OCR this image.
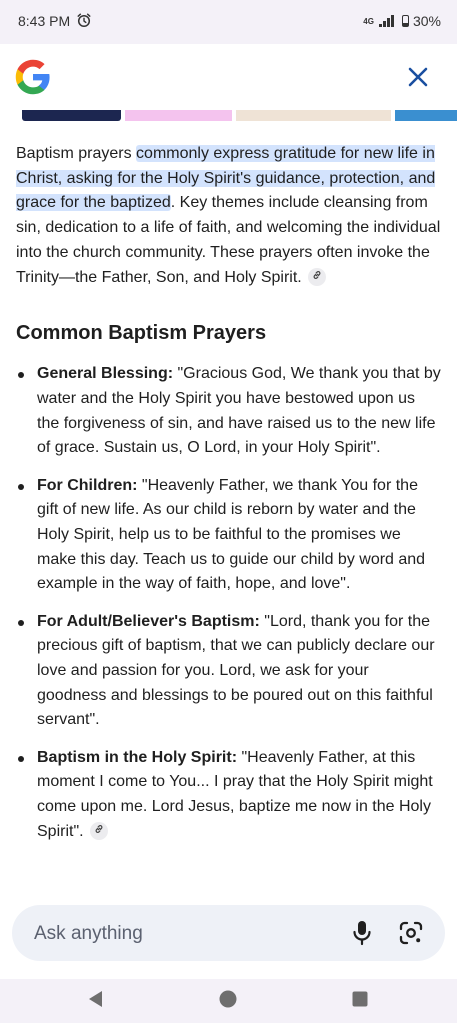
8:43 PM	4G	30%

Baptism prayers commonly express gratitude for new life in Christ, asking for the Holy Spirit's guidance, protection, and grace for the baptized. Key themes include cleansing from sin, dedication to a life of faith, and welcoming the individual into the church community. These prayers often invoke the Trinity—the Father, Son, and Holy Spirit.

Common Baptism Prayers
General Blessing: "Gracious God, We thank you that by water and the Holy Spirit you have bestowed upon us the forgiveness of sin, and have raised us to the new life of grace. Sustain us, O Lord, in your Holy Spirit".
For Children: "Heavenly Father, we thank You for the gift of new life. As our child is reborn by water and the Holy Spirit, help us to be faithful to the promises we make this day. Teach us to guide our child by word and example in the way of faith, hope, and love".
For Adult/Believer's Baptism: "Lord, thank you for the precious gift of baptism, that we can publicly declare our love and passion for you. Lord, we ask for your goodness and blessings to be poured out on this faithful servant".
Baptism in the Holy Spirit: "Heavenly Father, at this moment I come to You... I pray that the Holy Spirit might come upon me. Lord Jesus, baptize me now in the Holy Spirit".
Ask anything
